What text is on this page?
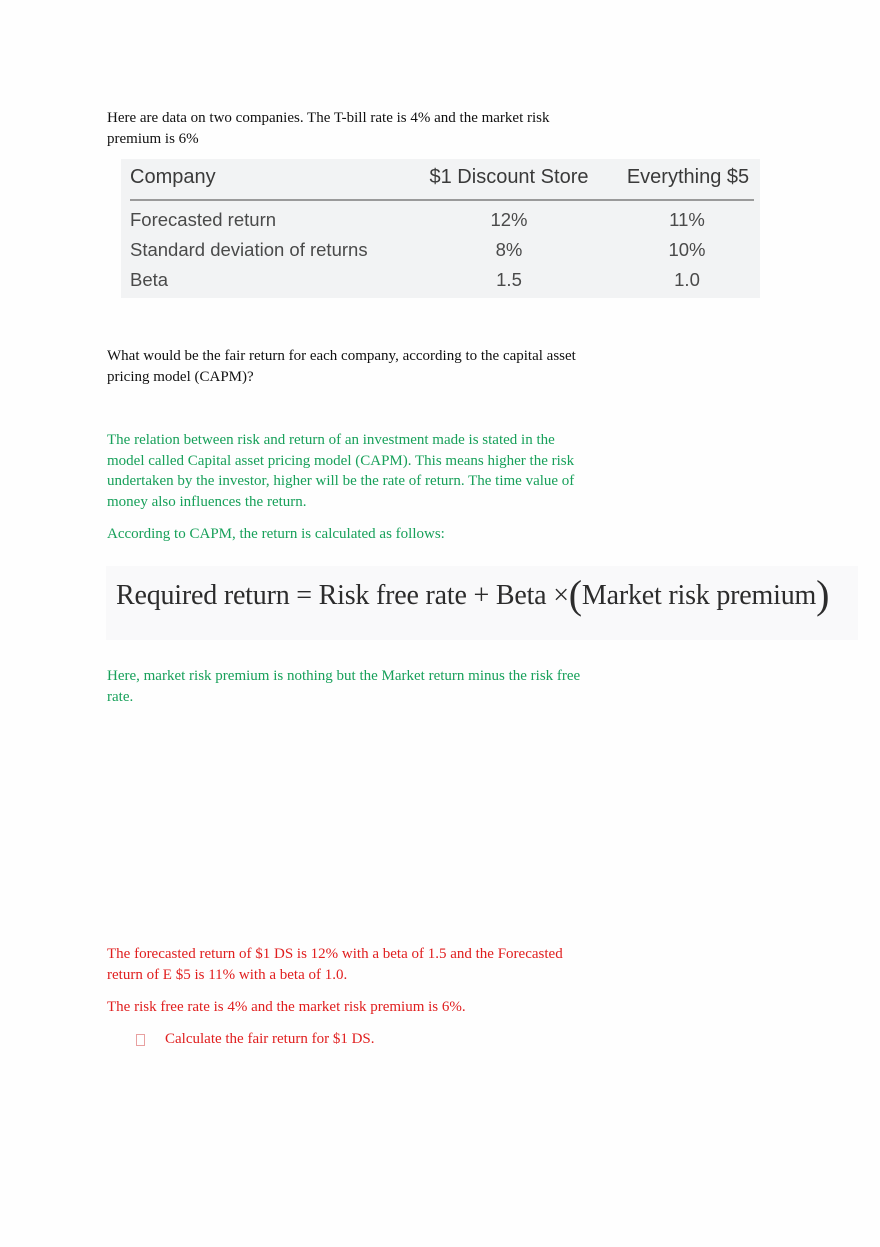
Here are data on two companies. The T-bill rate is 4% and the market risk
premium is 6%

Company	$1 Discount Store	Everything $5
Forecasted return	12%	11%
Standard deviation of returns	8%	10%
Beta	1.5	1.0

What would be the fair return for each company, according to the capital asset
pricing model (CAPM)?

The relation between risk and return of an investment made is stated in the
model called Capital asset pricing model (CAPM). This means higher the risk
undertaken by the investor, higher will be the rate of return. The time value of
money also influences the return.

According to CAPM, the return is calculated as follows:

Required return = Risk free rate + Beta ×(Market risk premium)

Here, market risk premium is nothing but the Market return minus the risk free
rate.

The forecasted return of $1 DS is 12% with a beta of 1.5 and the Forecasted
return of E $5 is 11% with a beta of 1.0.

The risk free rate is 4% and the market risk premium is 6%.

Calculate the fair return for $1 DS.
